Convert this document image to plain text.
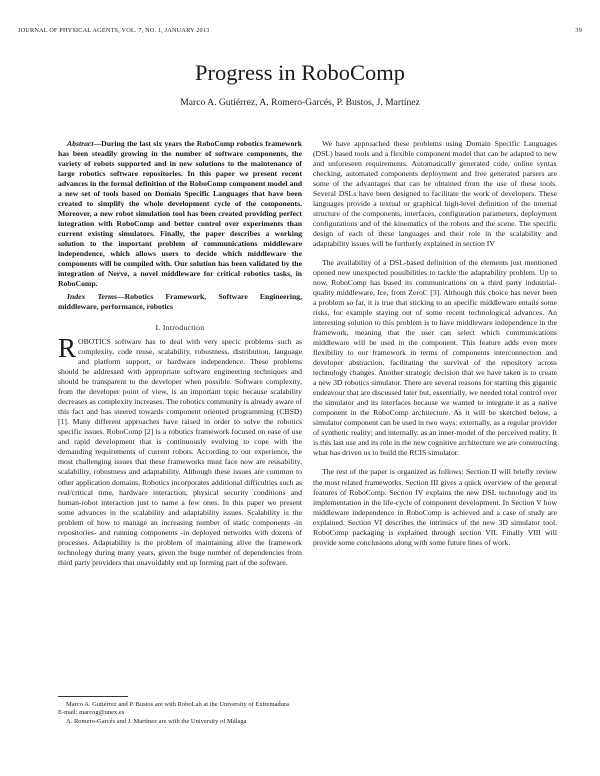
JOURNAL OF PHYSICAL AGENTS, VOL. 7, NO. 1, JANUARY 2013	39
Progress in RoboComp
Marco A. Gutiérrez, A. Romero-Garcés, P. Bustos, J. Martínez

Abstract—During the last six years the RoboComp robotics framework has been steadily growing in the number of software components, the variety of robots supported and in new solutions to the maintenance of large robotics software repositories. In this paper we present recent advances in the formal definition of the RoboComp component model and a new set of tools based on Domain Specific Languages that have been created to simplify the whole development cycle of the components. Moreover, a new robot simulation tool has been created providing perfect integration with RoboComp and better control over experiments than current existing simulators. Finally, the paper describes a working solution to the important problem of communications middleware independence, which allows users to decide which middleware the components will be compiled with. Our solution has been validated by the integration of Nerve, a novel middleware for critical robotics tasks, in RoboComp.

Index Terms—Robotics Framework, Software Engineering, middleware, performance, robotics

I. Introduction

ROBOTICS software has to deal with very specic problems such as complexity, code reuse, scalability, robustness, distribution, language and platform support, or hardware independence. These problems should be addressed with appropriate software engineering techniques and should be transparent to the developer when possible. Software complexity, from the developer point of view, is an important topic because scalability decreases as complexity increases. The robotics community is already aware of this fact and has steered towards component oriented programming (CBSD) [1]. Many different approaches have raised in order to solve the robotics specific issues. RoboComp [2] is a robotics framework focused on ease of use and rapid development that is continuously evolving to cope with the demanding requirements of current robots. According to our experience, the most challenging issues that these frameworks must face now are reusability, scalability, robustness and adaptability. Although these issues are common to other application domains, Robotics incorporates additional difficulties such as real/critical time, hardware interaction, physical security conditions and human-robot interaction just to name a few ones. In this paper we present some advances in the scalability and adaptability issues. Scalability is the problem of how to manage an increasing number of static components -in repositories- and running components -in deployed networks with dozens of processes. Adaptability is the problem of maintaining alive the framework technology during many years, given the huge number of dependencies from third party providers that unavoidably end up forming part of the software.

We have approached these problems using Domain Specific Languages (DSL) based tools and a flexible component model that can be adapted to new and unforeseen requirements. Automatically generated code, online syntax checking, automated components deployment and free generated parsers are some of the advantages that can be obtained from the use of these tools. Several DSLs have been designed to facilitate the work of developers. These languages provide a textual or graphical high-level definition of the internal structure of the components, interfaces, configuration parameters, deployment configurations and of the kinematics of the robots and the scene. The specific design of each of these languages and their role in the scalability and adaptability issues will be furtherly explained in section IV

The availability of a DSL-based definition of the elements just mentioned opened new unexpected possibilities to tackle the adaptability problem. Up to now, RoboComp has based its communications on a third party industrial-quality middleware, Ice, from ZeroC [3]. Although this choice has never been a problem so far, it is true that sticking to an specific middleware entails some risks, for example staying out of some recent technological advances. An interesting solution to this problem is to have middleware independence in the framework, meaning that the user can select which communications middleware will be used in the component. This feature adds even more flexibility to our framework in terms of components interconnection and developer abstraction, facilitating the survival of the repository across technology changes. Another strategic decision that we have taken is to create a new 3D robotics simulator. There are several reasons for starting this gigantic endeavour that are discussed later but, essentially, we needed total control over the simulator and its interfaces because we wanted to integrate it as a native component in the RoboComp architecture. As it will be sketched below, a simulator component can be used in two ways: externally, as a regular provider of synthetic reality; and internally, as an inner-model of the perceived reality. It is this last use and its role in the new cognitive architecture we are constructing what has driven us to build the RCIS simulator.

The rest of the paper is organized as follows: Section II will briefly review the most related frameworks. Section III gives a quick overview of the general features of RoboComp. Section IV explains the new DSL technology and its implementation in the life-cycle of component development. In Section V how middleware independence in RoboComp is achieved and a case of study are explained. Section VI describes the intrinsics of the new 3D simulator tool. RoboComp packaging is explained through section VII. Finally VIII will provide some conclusions along with some future lines of work.

Marco A. Gutiérrez and P. Bustos are with RoboLab at the University of Extremadura

E-mail: marcog@unex.es

A. Romero-Garcés and J. Martínez are with the University of Málaga
